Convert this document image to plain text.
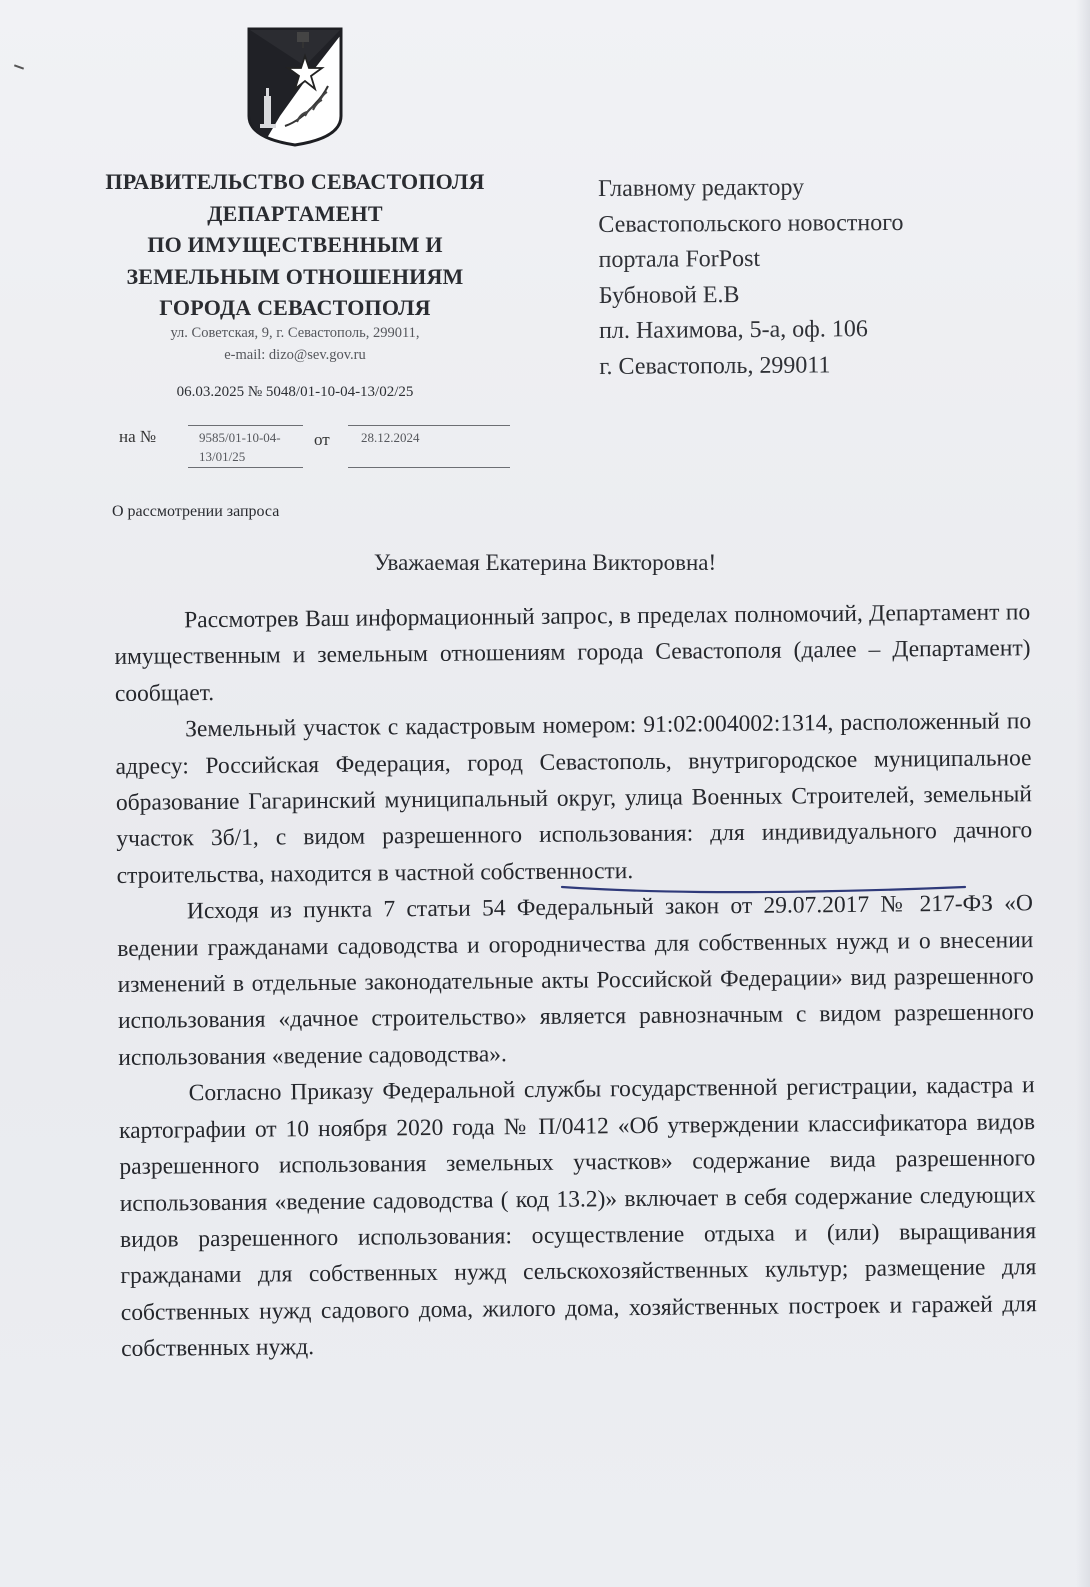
ПРАВИТЕЛЬСТВО СЕВАСТОПОЛЯ
ДЕПАРТАМЕНТ
ПО ИМУЩЕСТВЕННЫМ И
ЗЕМЕЛЬНЫМ ОТНОШЕНИЯМ
ГОРОДА СЕВАСТОПОЛЯ
ул. Советская, 9, г. Севастополь, 299011,
e-mail: dizo@sev.gov.ru
06.03.2025 № 5048/01-10-04-13/02/25
на №	9585/01-10-04-
13/01/25
от 28.12.2024
О рассмотрении запроса
Главному редактору
Севастопольского новостного
портала ForPost
Бубновой Е.В
пл. Нахимова, 5-а, оф. 106
г. Севастополь, 299011
Уважаемая Екатерина Викторовна!

Рассмотрев Ваш информационный запрос, в пределах полномочий, Департамент по имущественным и земельным отношениям города Севастополя (далее – Департамент) сообщает.

Земельный участок с кадастровым номером: 91:02:004002:1314, расположенный по адресу: Российская Федерация, город Севастополь, внутригородское муниципальное образование Гагаринский муниципальный округ, улица Военных Строителей, земельный участок 3б/1, с видом разрешенного использования: для индивидуального дачного строительства, находится в частной собственности.

Исходя из пункта 7 статьи 54 Федеральный закон от 29.07.2017 № 217-ФЗ «О ведении гражданами садоводства и огородничества для собственных нужд и о внесении изменений в отдельные законодательные акты Российской Федерации» вид разрешенного использования «дачное строительство» является равнозначным с видом разрешенного использования «ведение садоводства».

Согласно Приказу Федеральной службы государственной регистрации, кадастра и картографии от 10 ноября 2020 года № П/0412 «Об утверждении классификатора видов разрешенного использования земельных участков» содержание вида разрешенного использования «ведение садоводства ( код 13.2)» включает в себя содержание следующих видов разрешенного использования: осуществление отдыха и (или) выращивания гражданами для собственных нужд сельскохозяйственных культур; размещение для собственных нужд садового дома, жилого дома, хозяйственных построек и гаражей для собственных нужд.
